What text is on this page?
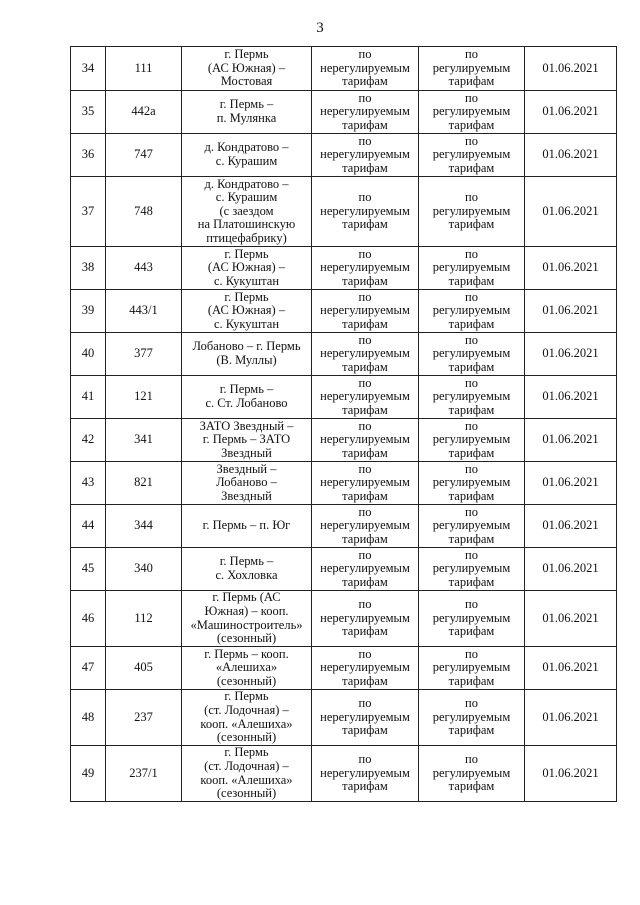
3
34	111	г. Пермь
(АС Южная) –
Мостовая	по
нерегулируемым
тарифам	по
регулируемым
тарифам	01.06.2021
35	442а	г. Пермь –
п. Мулянка	по
нерегулируемым
тарифам	по
регулируемым
тарифам	01.06.2021
36	747	д. Кондратово –
с. Курашим	по
нерегулируемым
тарифам	по
регулируемым
тарифам	01.06.2021
37	748	д. Кондратово –
с. Курашим
(с заездом
на Платошинскую
птицефабрику)	по
нерегулируемым
тарифам	по
регулируемым
тарифам	01.06.2021
38	443	г. Пермь
(АС Южная) –
с. Кукуштан	по
нерегулируемым
тарифам	по
регулируемым
тарифам	01.06.2021
39	443/1	г. Пермь
(АС Южная) –
с. Кукуштан	по
нерегулируемым
тарифам	по
регулируемым
тарифам	01.06.2021
40	377	Лобаново – г. Пермь
(В. Муллы)	по
нерегулируемым
тарифам	по
регулируемым
тарифам	01.06.2021
41	121	г. Пермь –
с. Ст. Лобаново	по
нерегулируемым
тарифам	по
регулируемым
тарифам	01.06.2021
42	341	ЗАТО Звездный –
г. Пермь – ЗАТО
Звездный	по
нерегулируемым
тарифам	по
регулируемым
тарифам	01.06.2021
43	821	Звездный –
Лобаново –
Звездный	по
нерегулируемым
тарифам	по
регулируемым
тарифам	01.06.2021
44	344	г. Пермь – п. Юг	по
нерегулируемым
тарифам	по
регулируемым
тарифам	01.06.2021
45	340	г. Пермь –
с. Хохловка	по
нерегулируемым
тарифам	по
регулируемым
тарифам	01.06.2021
46	112	г. Пермь (АС
Южная) – кооп.
«Машиностроитель»
(сезонный)	по
нерегулируемым
тарифам	по
регулируемым
тарифам	01.06.2021
47	405	г. Пермь – кооп.
«Алешиха»
(сезонный)	по
нерегулируемым
тарифам	по
регулируемым
тарифам	01.06.2021
48	237	г. Пермь
(ст. Лодочная) –
кооп. «Алешиха»
(сезонный)	по
нерегулируемым
тарифам	по
регулируемым
тарифам	01.06.2021
49	237/1	г. Пермь
(ст. Лодочная) –
кооп. «Алешиха»
(сезонный)	по
нерегулируемым
тарифам	по
регулируемым
тарифам	01.06.2021
